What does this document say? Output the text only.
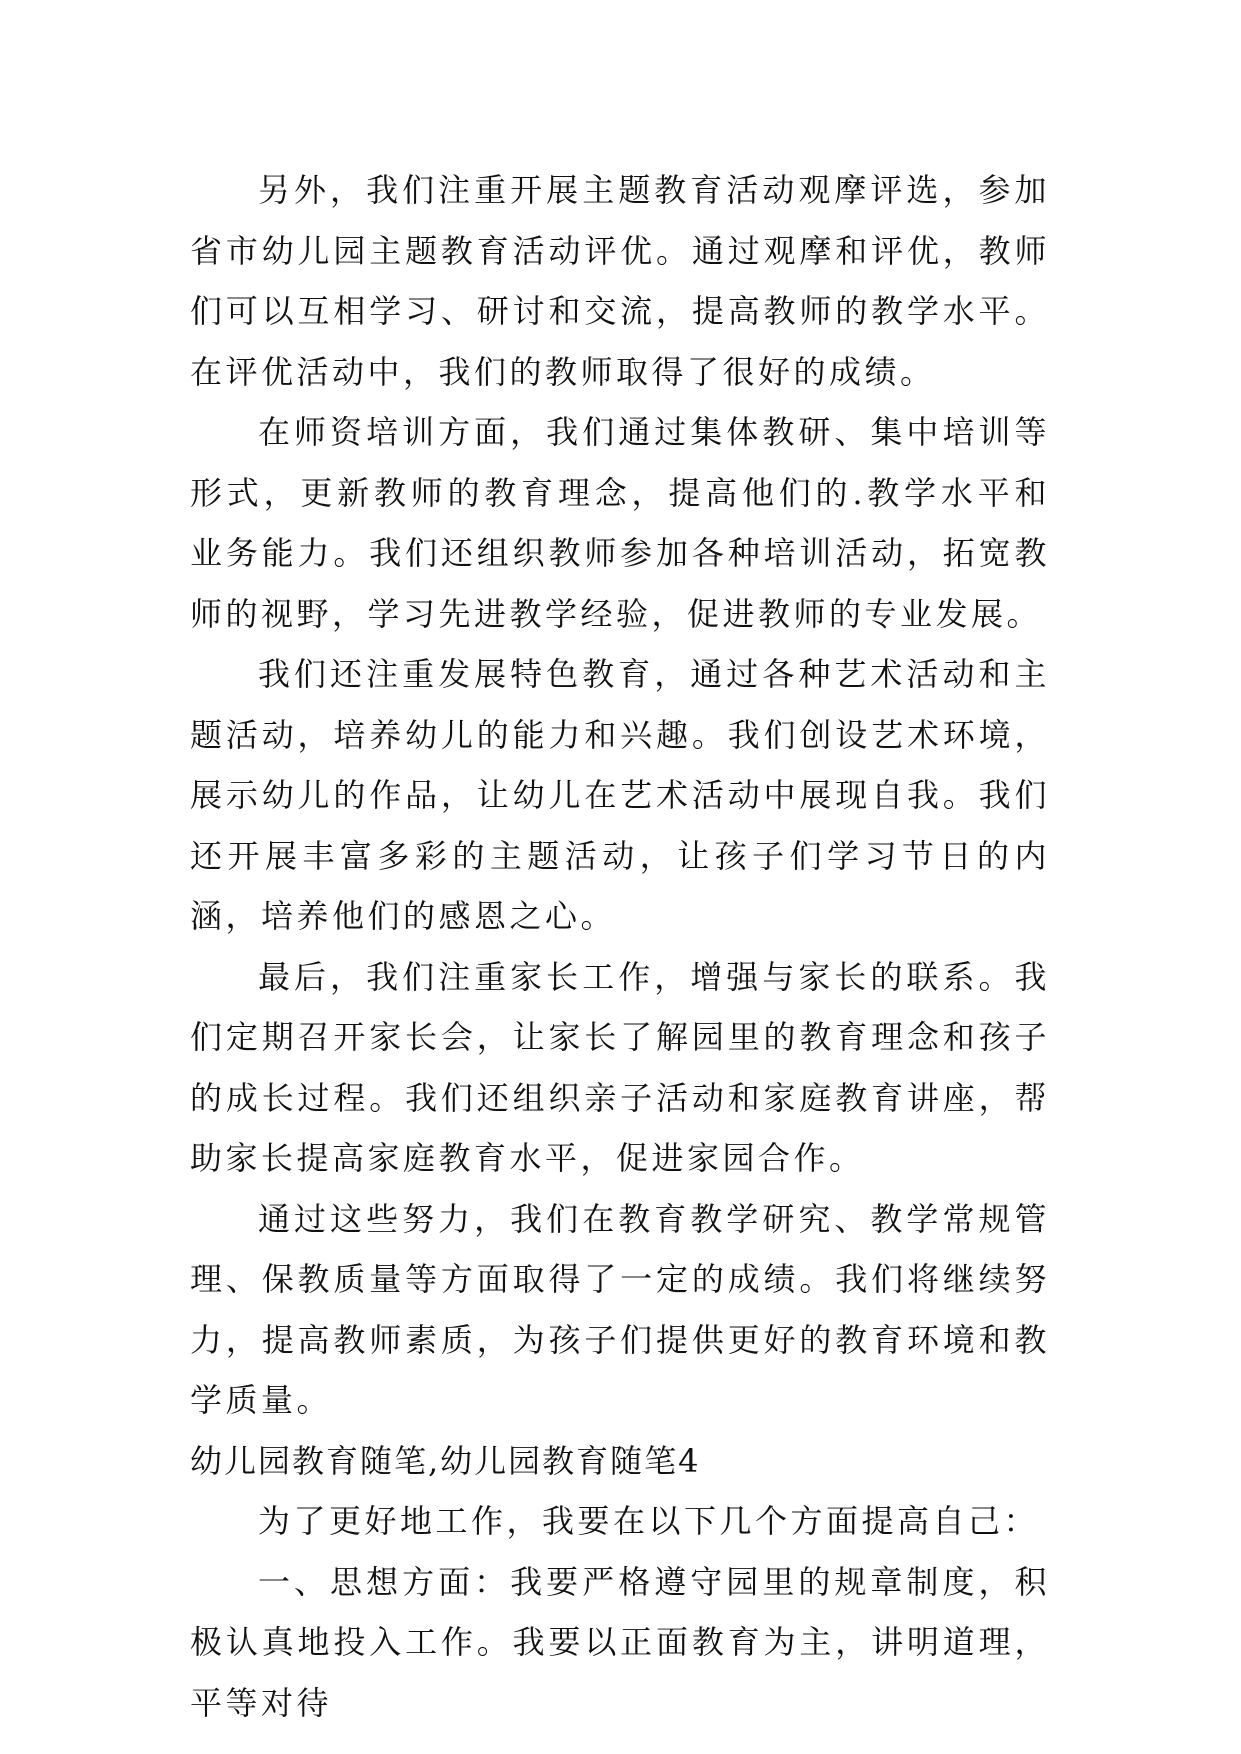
另外，我们注重开展主题教育活动观摩评选，参加省市幼儿园主题教育活动评优。通过观摩和评优，教师们可以互相学习、研讨和交流，提高教师的教学水平。在评优活动中，我们的教师取得了很好的成绩。

在师资培训方面，我们通过集体教研、集中培训等形式，更新教师的教育理念，提高他们的.教学水平和业务能力。我们还组织教师参加各种培训活动，拓宽教师的视野，学习先进教学经验，促进教师的专业发展。

我们还注重发展特色教育，通过各种艺术活动和主题活动，培养幼儿的能力和兴趣。我们创设艺术环境，展示幼儿的作品，让幼儿在艺术活动中展现自我。我们还开展丰富多彩的主题活动，让孩子们学习节日的内涵，培养他们的感恩之心。

最后，我们注重家长工作，增强与家长的联系。我们定期召开家长会，让家长了解园里的教育理念和孩子的成长过程。我们还组织亲子活动和家庭教育讲座，帮助家长提高家庭教育水平，促进家园合作。

通过这些努力，我们在教育教学研究、教学常规管理、保教质量等方面取得了一定的成绩。我们将继续努力，提高教师素质，为孩子们提供更好的教育环境和教学质量。

幼儿园教育随笔,幼儿园教育随笔4

为了更好地工作，我要在以下几个方面提高自己：

一、思想方面：我要严格遵守园里的规章制度，积极认真地投入工作。我要以正面教育为主，讲明道理，平等对待
